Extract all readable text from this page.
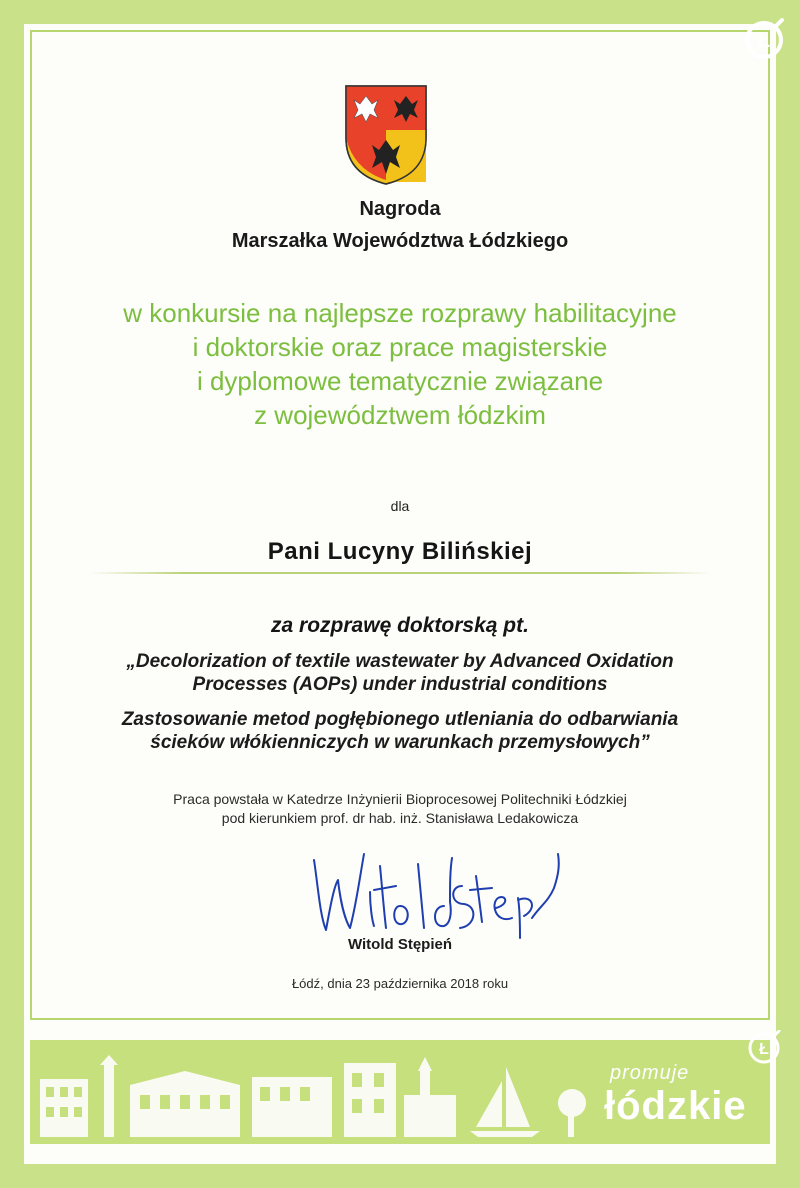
Ł
Nagroda
Marszałka Województwa Łódzkiego
w konkursie na najlepsze rozprawy habilitacyjne
i doktorskie oraz prace magisterskie
i dyplomowe tematycznie związane
z województwem łódzkim
dla
Pani Lucyny Bilińskiej
za rozprawę doktorską pt.
„Decolorization of textile wastewater by Advanced Oxidation
Processes (AOPs) under industrial conditions
Zastosowanie metod pogłębionego utleniania do odbarwiania
ścieków włókienniczych w warunkach przemysłowych”
Praca powstała w Katedrze Inżynierii Bioprocesowej Politechniki Łódzkiej
pod kierunkiem prof. dr hab. inż. Stanisława Ledakowicza
Witold Stępień
Łódź, dnia 23 października 2018 roku
promuje
łódzkie
Ł
